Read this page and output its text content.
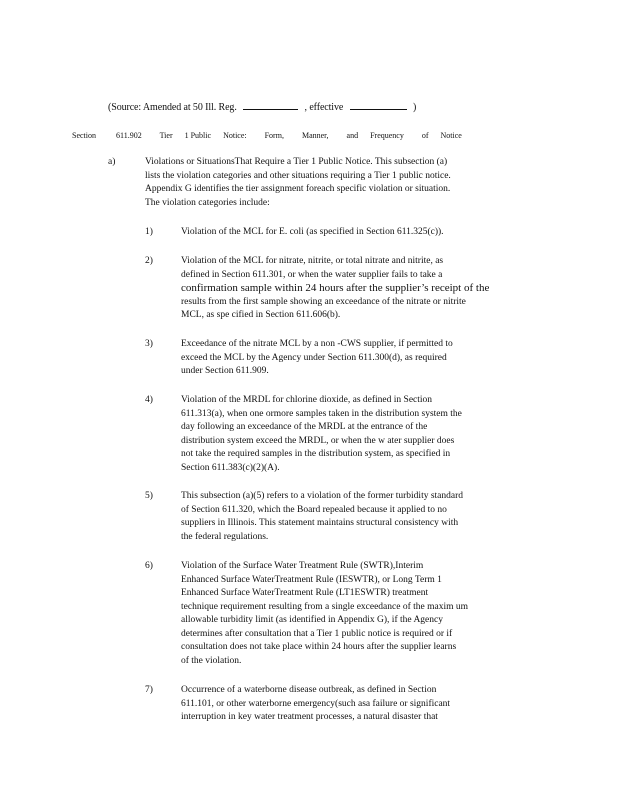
(Source: Amended at 50 Ill. Reg.	, effective	)
Section	611.902 Tier 1 Public Notice: Form, Manner, and Frequency of Notice
a)	Violations or SituationsThat Require a Tier 1 Public Notice. This subsection (a)

lists the violation categories and other situations requiring a Tier 1 public notice.

Appendix G identifies the tier assignment foreach specific violation or situation.

The violation categories include:

1)	Violation of the MCL for E. coli (as specified in Section 611.325(c)).

2)	Violation of the MCL for nitrate, nitrite, or total nitrate and nitrite, as

defined in Section 611.301, or when the water supplier fails to take a

confirmation sample within 24 hours after the supplier’s receipt of the

results from the first sample showing an exceedance of the nitrate or nitrite

MCL, as spe cified in Section 611.606(b).

3)	Exceedance of the nitrate MCL by a non -CWS supplier, if permitted to

exceed the MCL by the Agency under Section 611.300(d), as required

under Section 611.909.

4)	Violation of the MRDL for chlorine dioxide, as defined in Section

611.313(a), when one ormore samples taken in the distribution system the

day following an exceedance of the MRDL at the entrance of the

distribution system exceed the MRDL, or when the w ater supplier does

not take the required samples in the distribution system, as specified in

Section 611.383(c)(2)(A).

5)	This subsection (a)(5) refers to a violation of the former turbidity standard

of Section 611.320, which the Board repealed because it applied to no

suppliers in Illinois. This statement maintains structural consistency with

the federal regulations.

6)	Violation of the Surface Water Treatment Rule (SWTR),Interim

Enhanced Surface WaterTreatment Rule (IESWTR), or Long Term 1

Enhanced Surface WaterTreatment Rule (LT1ESWTR) treatment

technique requirement resulting from a single exceedance of the maxim um

allowable turbidity limit (as identified in Appendix G), if the Agency

determines after consultation that a Tier 1 public notice is required or if

consultation does not take place within 24 hours after the supplier learns

of the violation.

7)	Occurrence of a waterborne disease outbreak, as defined in Section

611.101, or other waterborne emergency(such asa failure or significant

interruption in key water treatment processes, a natural disaster that
